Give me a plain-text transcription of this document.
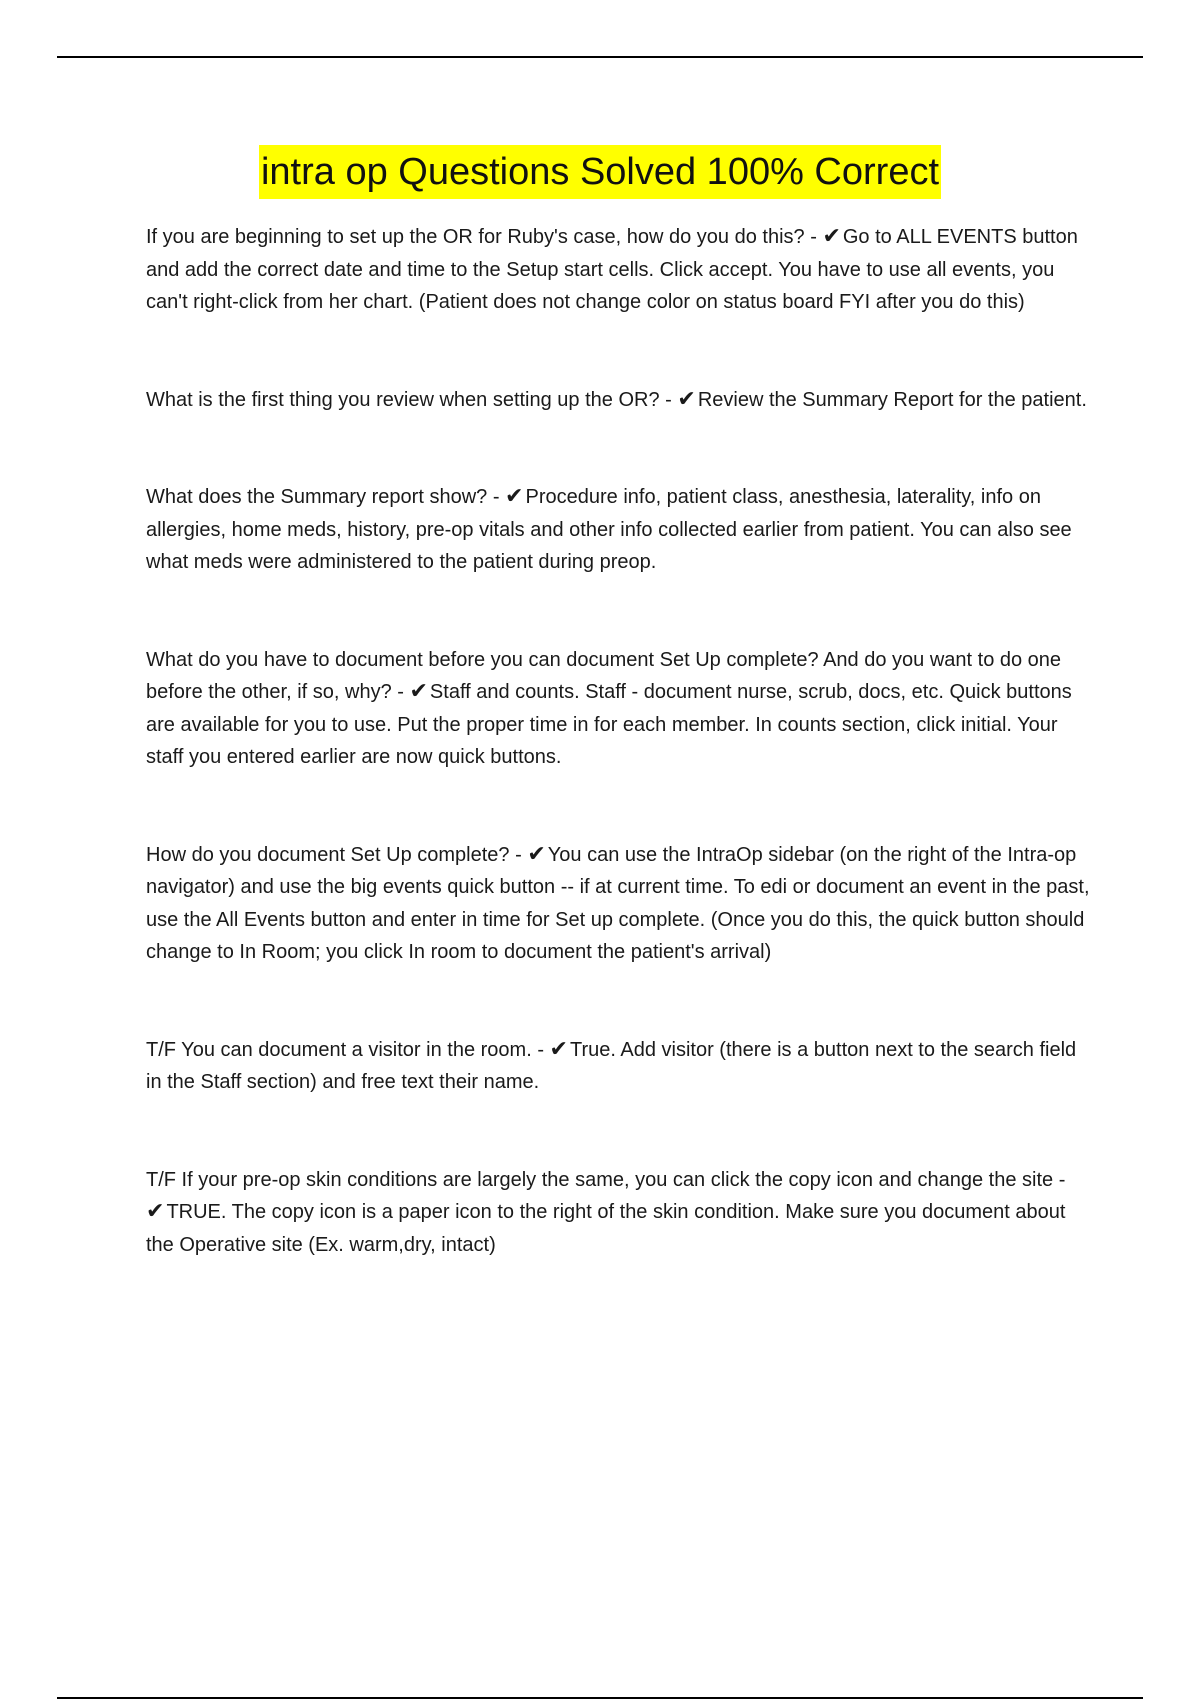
intra op Questions Solved 100% Correct

If you are beginning to set up the OR for Ruby's case, how do you do this? - ✔ Go to ALL EVENTS button and add the correct date and time to the Setup start cells. Click accept. You have to use all events, you can't right-click from her chart. (Patient does not change color on status board FYI after you do this)

What is the first thing you review when setting up the OR? - ✔ Review the Summary Report for the patient.

What does the Summary report show? - ✔ Procedure info, patient class, anesthesia, laterality, info on allergies, home meds, history, pre-op vitals and other info collected earlier from patient. You can also see what meds were administered to the patient during preop.

What do you have to document before you can document Set Up complete? And do you want to do one before the other, if so, why? - ✔ Staff and counts. Staff - document nurse, scrub, docs, etc. Quick buttons are available for you to use. Put the proper time in for each member. In counts section, click initial. Your staff you entered earlier are now quick buttons.

How do you document Set Up complete? - ✔ You can use the IntraOp sidebar (on the right of the Intra-op navigator) and use the big events quick button -- if at current time. To edi or document an event in the past, use the All Events button and enter in time for Set up complete. (Once you do this, the quick button should change to In Room; you click In room to document the patient's arrival)

T/F You can document a visitor in the room. - ✔ True. Add visitor (there is a button next to the search field in the Staff section) and free text their name.

T/F If your pre-op skin conditions are largely the same, you can click the copy icon and change the site - ✔ TRUE. The copy icon is a paper icon to the right of the skin condition. Make sure you document about the Operative site (Ex. warm,dry, intact)
